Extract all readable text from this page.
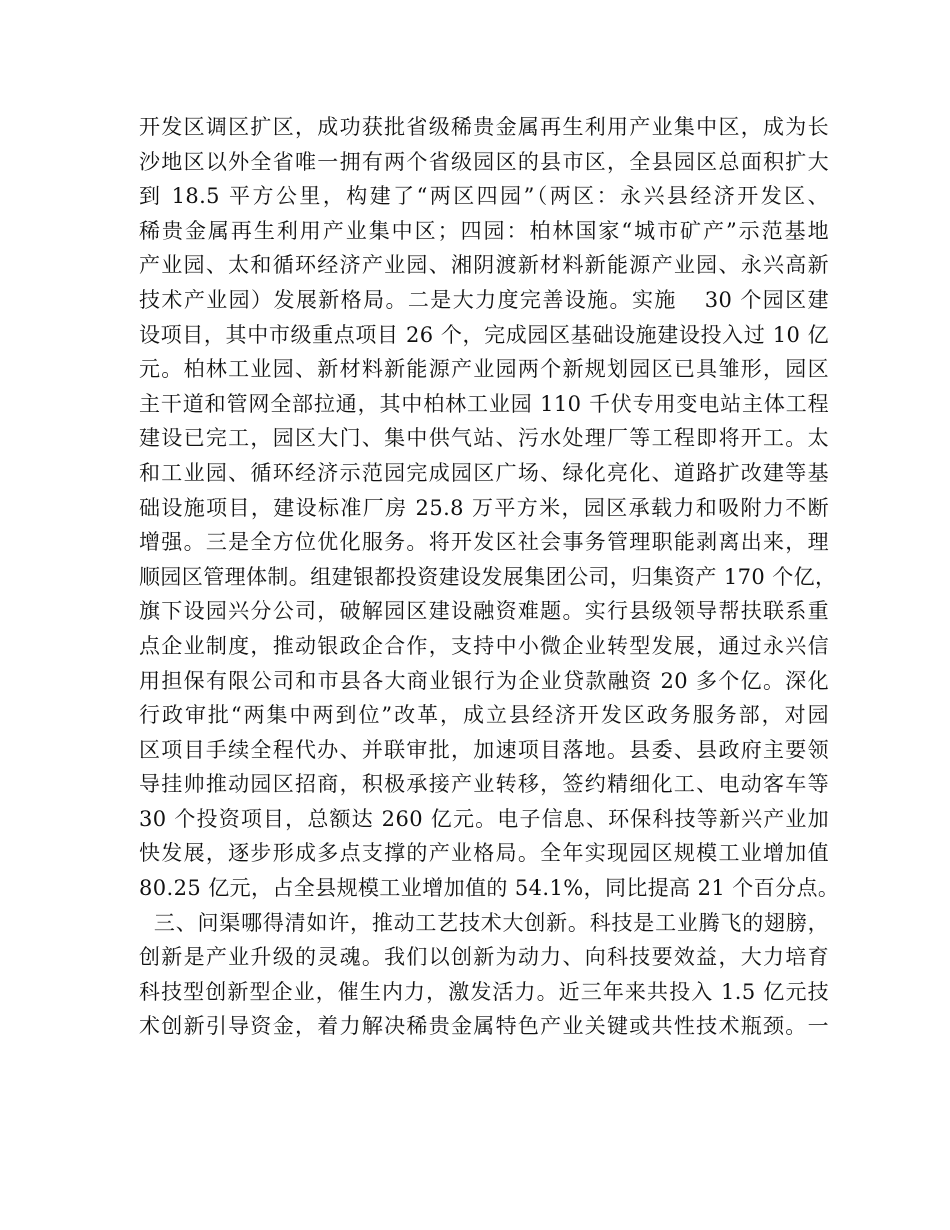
开发区调区扩区，成功获批省级稀贵金属再生利用产业集中区，成为长
沙地区以外全省唯一拥有两个省级园区的县市区，全县园区总面积扩大
到 18.5 平方公里，构建了“两区四园”（两区：永兴县经济开发区、
稀贵金属再生利用产业集中区；四园：柏林国家“城市矿产”示范基地
产业园、太和循环经济产业园、湘阴渡新材料新能源产业园、永兴高新
技术产业园）发展新格局。二是大力度完善设施。实施 30 个园区建
设项目，其中市级重点项目 26 个，完成园区基础设施建设投入过 10 亿
元。柏林工业园、新材料新能源产业园两个新规划园区已具雏形，园区
主干道和管网全部拉通，其中柏林工业园 110 千伏专用变电站主体工程
建设已完工，园区大门、集中供气站、污水处理厂等工程即将开工。太
和工业园、循环经济示范园完成园区广场、绿化亮化、道路扩改建等基
础设施项目，建设标准厂房 25.8 万平方米，园区承载力和吸附力不断
增强。三是全方位优化服务。将开发区社会事务管理职能剥离出来，理
顺园区管理体制。组建银都投资建设发展集团公司，归集资产 170 个亿，
旗下设园兴分公司，破解园区建设融资难题。实行县级领导帮扶联系重
点企业制度，推动银政企合作，支持中小微企业转型发展，通过永兴信
用担保有限公司和市县各大商业银行为企业贷款融资 20 多个亿。深化
行政审批“两集中两到位”改革，成立县经济开发区政务服务部，对园
区项目手续全程代办、并联审批，加速项目落地。县委、县政府主要领
导挂帅推动园区招商，积极承接产业转移，签约精细化工、电动客车等
30 个投资项目，总额达 260 亿元。电子信息、环保科技等新兴产业加
快发展，逐步形成多点支撑的产业格局。全年实现园区规模工业增加值
80.25 亿元，占全县规模工业增加值的 54.1%，同比提高 21 个百分点。
三、问渠哪得清如许，推动工艺技术大创新。科技是工业腾飞的翅膀，
创新是产业升级的灵魂。我们以创新为动力、向科技要效益，大力培育
科技型创新型企业，催生内力，激发活力。近三年来共投入 1.5 亿元技
术创新引导资金，着力解决稀贵金属特色产业关键或共性技术瓶颈。一
